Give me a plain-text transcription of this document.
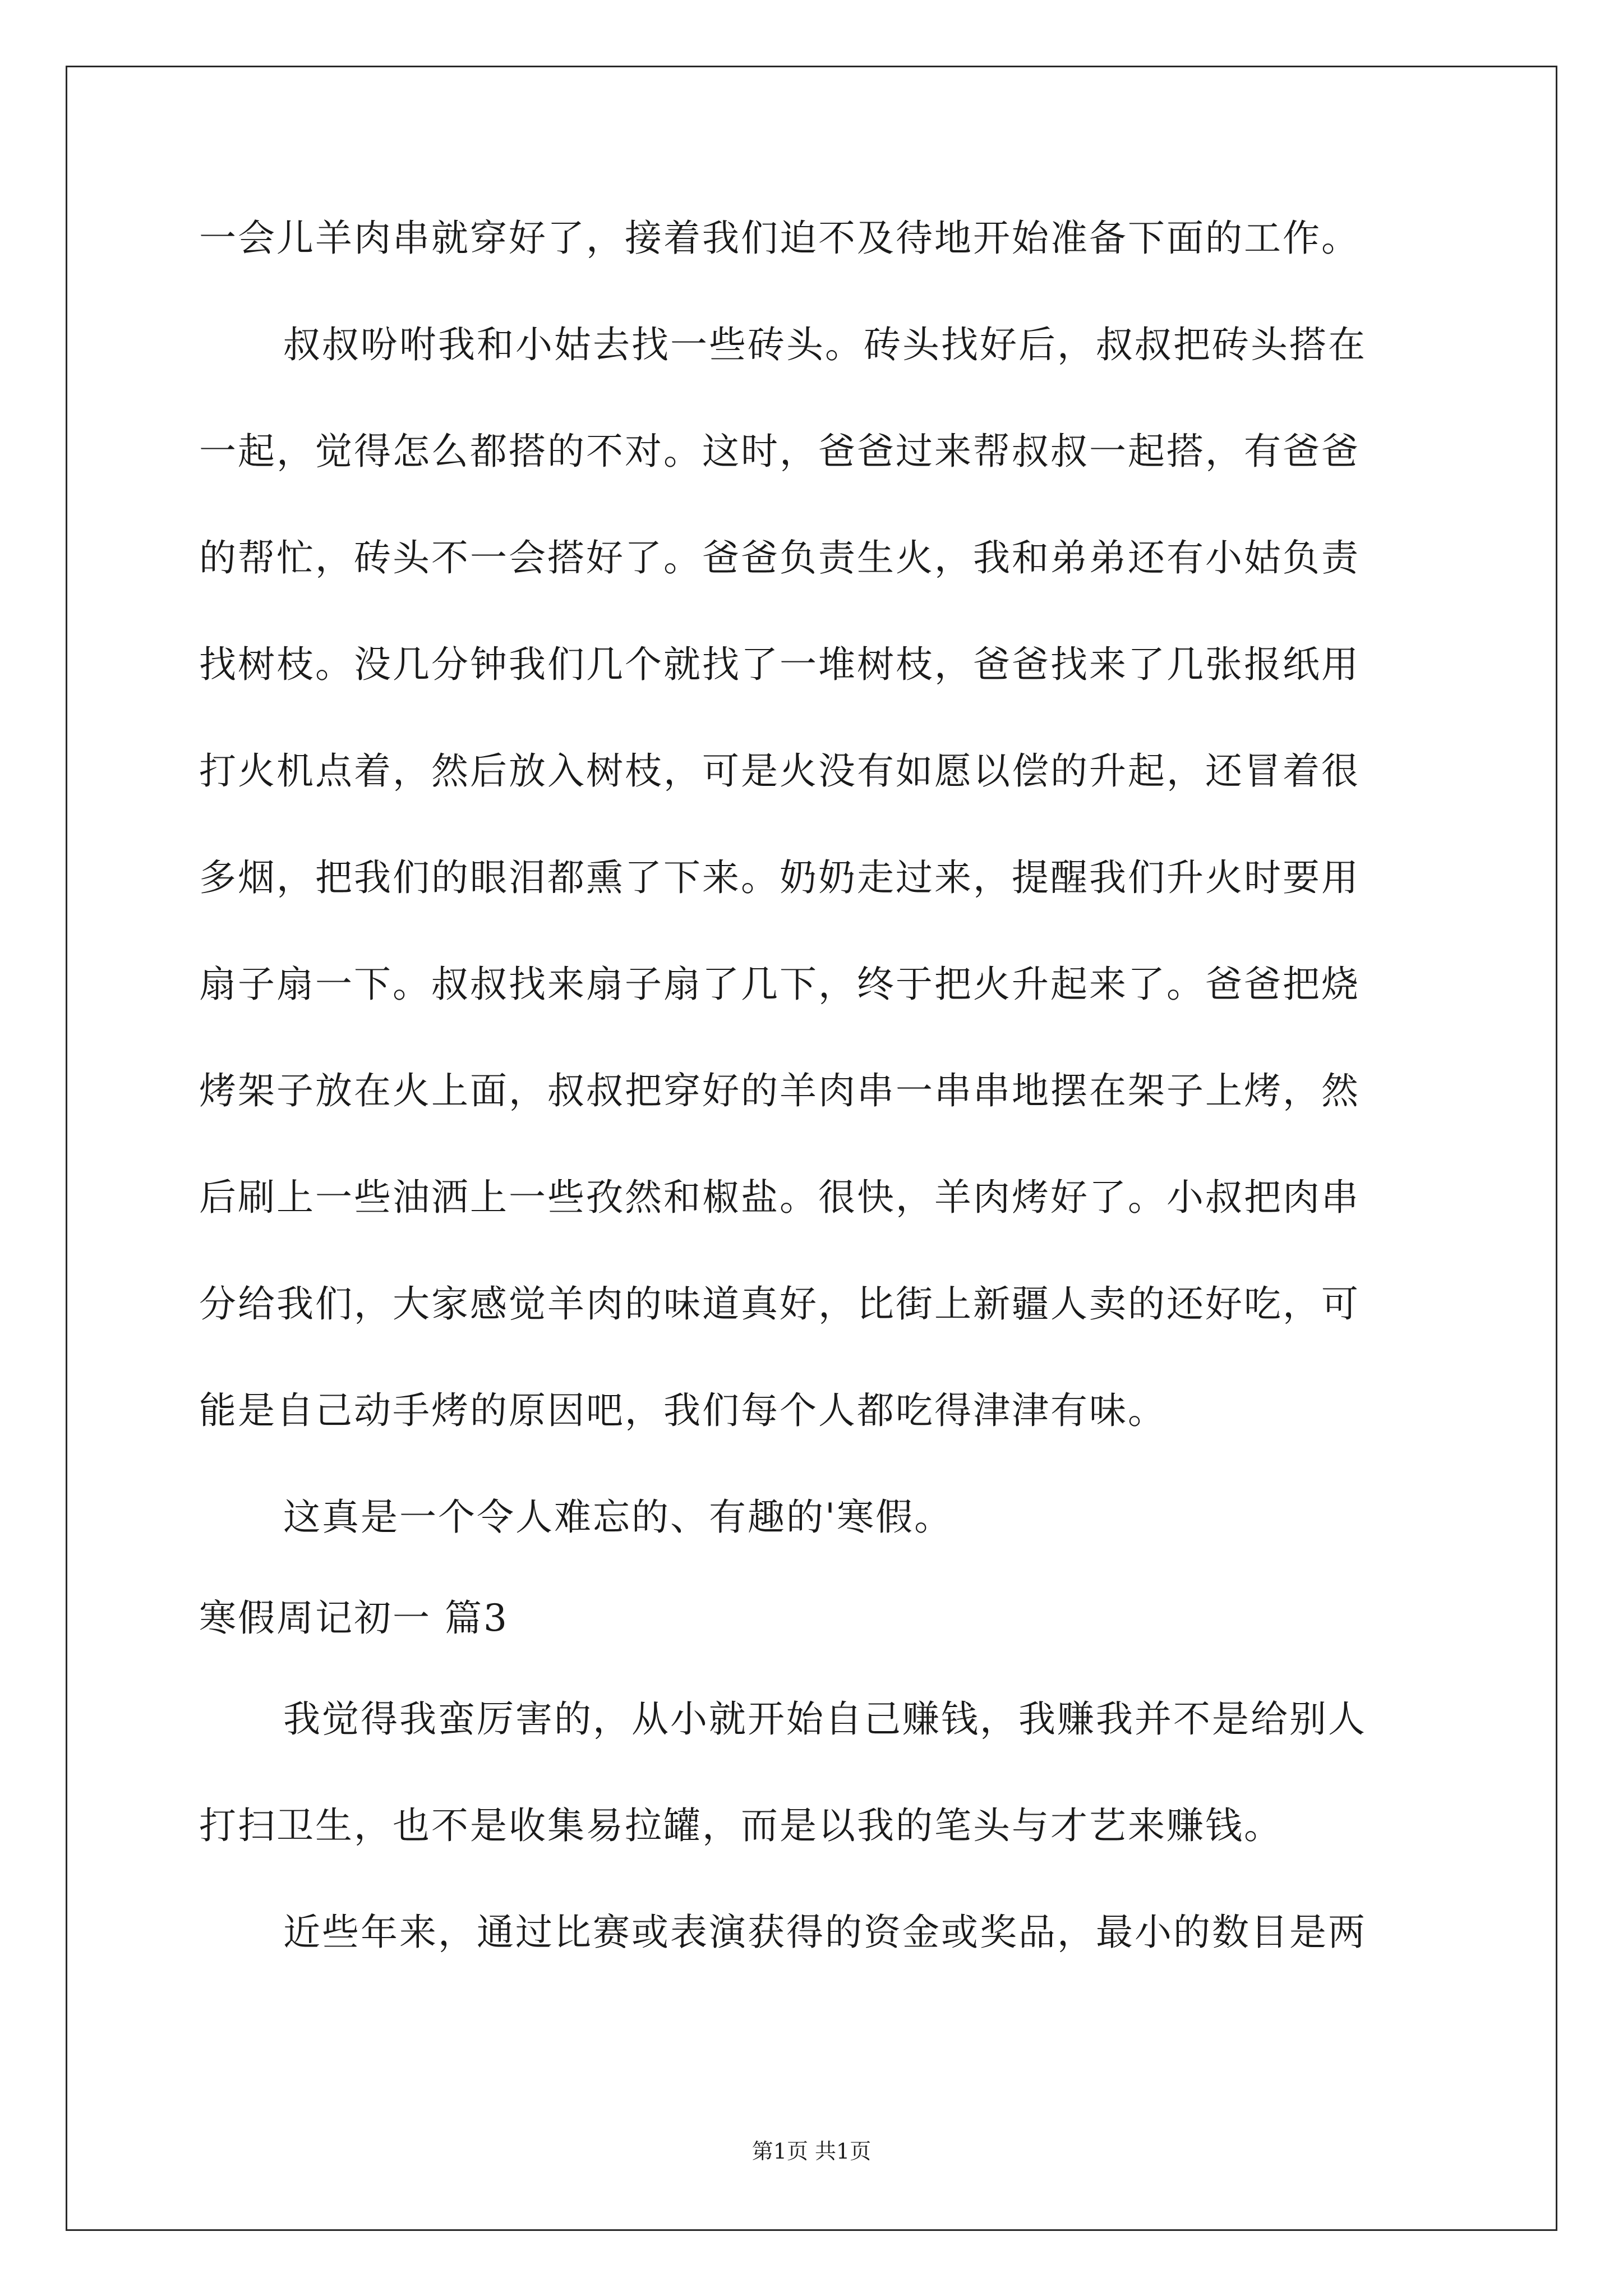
一会儿羊肉串就穿好了，接着我们迫不及待地开始准备下面的工作。
叔叔吩咐我和小姑去找一些砖头。砖头找好后，叔叔把砖头搭在
一起，觉得怎么都搭的不对。这时，爸爸过来帮叔叔一起搭，有爸爸
的帮忙，砖头不一会搭好了。爸爸负责生火，我和弟弟还有小姑负责
找树枝。没几分钟我们几个就找了一堆树枝，爸爸找来了几张报纸用
打火机点着，然后放入树枝，可是火没有如愿以偿的升起，还冒着很
多烟，把我们的眼泪都熏了下来。奶奶走过来，提醒我们升火时要用
扇子扇一下。叔叔找来扇子扇了几下，终于把火升起来了。爸爸把烧
烤架子放在火上面，叔叔把穿好的羊肉串一串串地摆在架子上烤，然
后刷上一些油洒上一些孜然和椒盐。很快，羊肉烤好了。小叔把肉串
分给我们，大家感觉羊肉的味道真好，比街上新疆人卖的还好吃，可
能是自己动手烤的原因吧，我们每个人都吃得津津有味。
这真是一个令人难忘的、有趣的'寒假。
寒假周记初一 篇3
我觉得我蛮厉害的，从小就开始自己赚钱，我赚我并不是给别人
打扫卫生，也不是收集易拉罐，而是以我的笔头与才艺来赚钱。
近些年来，通过比赛或表演获得的资金或奖品，最小的数目是两
第1页 共1页
